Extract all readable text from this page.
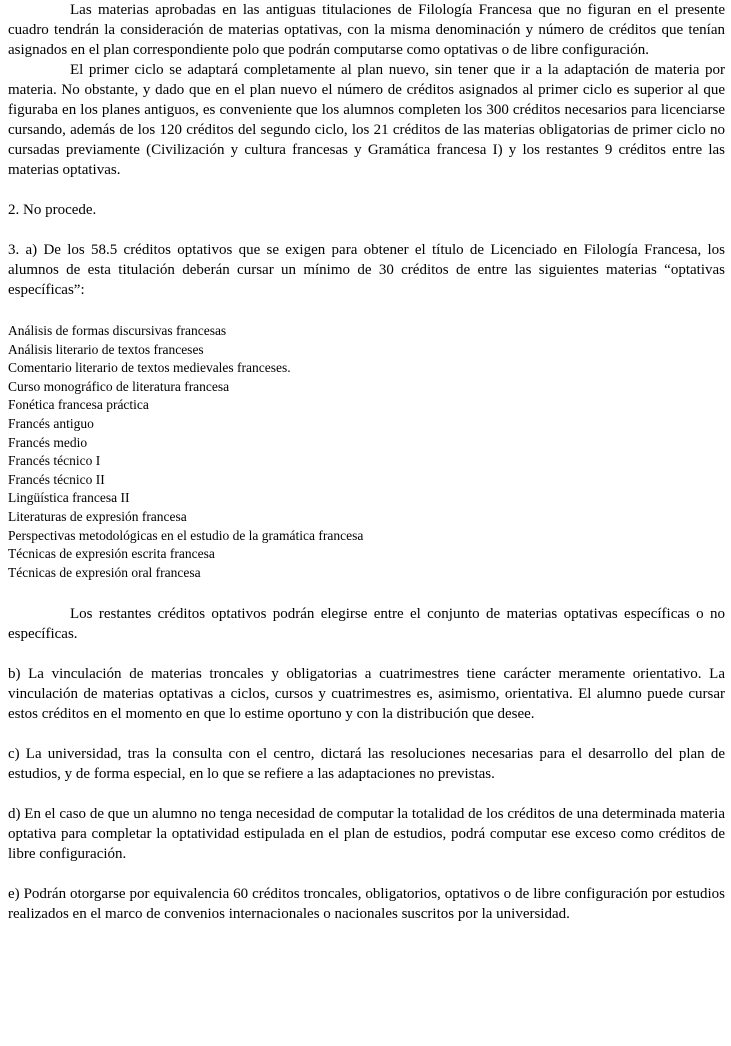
Las materias aprobadas en las antiguas titulaciones de Filología Francesa que no figuran en el presente cuadro tendrán la consideración de materias optativas, con la misma denominación y número de créditos que tenían asignados en el plan correspondiente polo que podrán computarse como optativas o de libre configuración.

El primer ciclo se adaptará completamente al plan nuevo, sin tener que ir a la adaptación de materia por materia. No obstante, y dado que en el plan nuevo el número de créditos asignados al primer ciclo es superior al que figuraba en los planes antiguos, es conveniente que los alumnos completen los 300 créditos necesarios para licenciarse cursando, además de los 120 créditos del segundo ciclo, los 21 créditos de las materias obligatorias de primer ciclo no cursadas previamente (Civilización y cultura francesas y Gramática francesa I) y los restantes 9 créditos entre las materias optativas.

2. No procede.

3. a) De los 58.5 créditos optativos que se exigen para obtener el título de Licenciado en Filología Francesa, los alumnos de esta titulación deberán cursar un mínimo de 30 créditos de entre las siguientes materias “optativas específicas”:

Análisis de formas discursivas francesas
Análisis literario de textos franceses
Comentario literario de textos medievales franceses.
Curso monográfico de literatura francesa
Fonética francesa práctica
Francés antiguo
Francés medio
Francés técnico I
Francés técnico II
Lingüística francesa II
Literaturas de expresión francesa
Perspectivas metodológicas en el estudio de la gramática francesa
Técnicas de expresión escrita francesa
Técnicas de expresión oral francesa

Los restantes créditos optativos podrán elegirse entre el conjunto de materias optativas específicas o no específicas.

b) La vinculación de materias troncales y obligatorias a cuatrimestres tiene carácter meramente orientativo. La vinculación de materias optativas a ciclos, cursos y cuatrimestres es, asimismo, orientativa. El alumno puede cursar estos créditos en el momento en que lo estime oportuno y con la distribución que desee.

c) La universidad, tras la consulta con el centro, dictará las resoluciones necesarias para el desarrollo del plan de estudios, y de forma especial, en lo que se refiere a las adaptaciones no previstas.

d) En el caso de que un alumno no tenga necesidad de computar la totalidad de los créditos de una determinada materia optativa para completar la optatividad estipulada en el plan de estudios, podrá computar ese exceso como créditos de libre configuración.

e) Podrán otorgarse por equivalencia 60 créditos troncales, obligatorios, optativos o de libre configuración por estudios realizados en el marco de convenios internacionales o nacionales suscritos por la universidad.
